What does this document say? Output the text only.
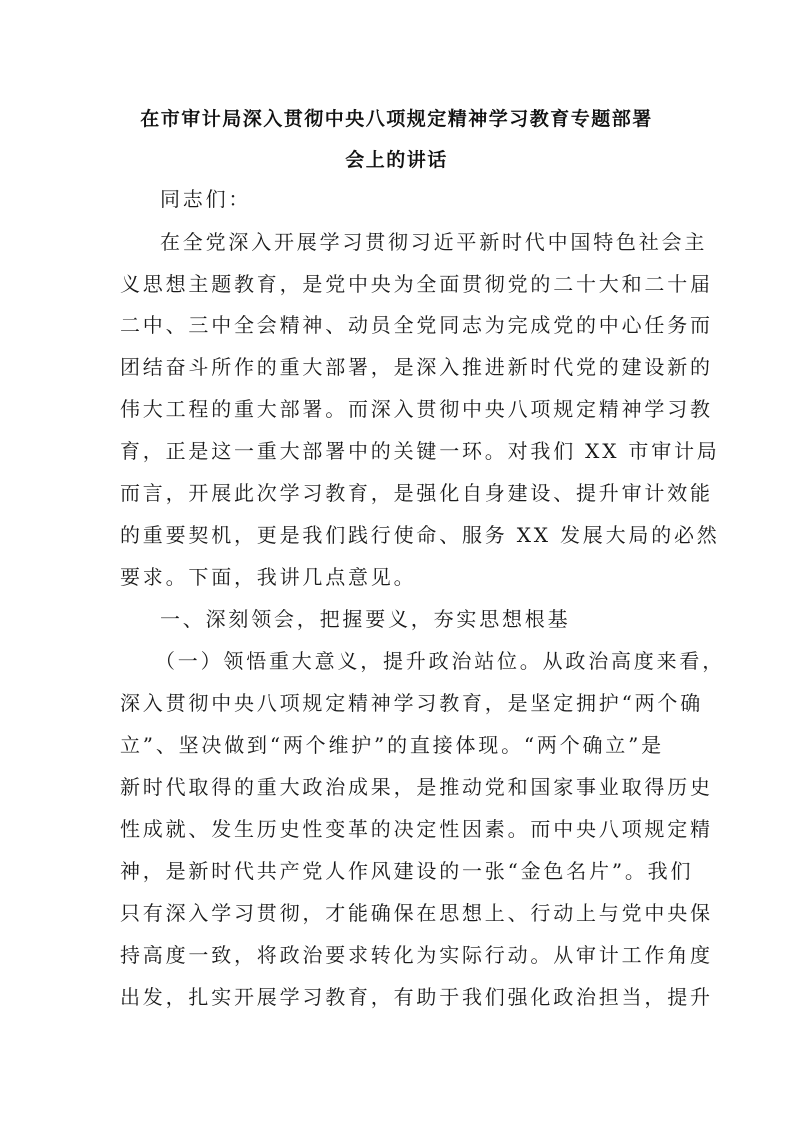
在市审计局深入贯彻中央八项规定精神学习教育专题部署
会上的讲话
同志们：
在全党深入开展学习贯彻习近平新时代中国特色社会主
义思想主题教育，是党中央为全面贯彻党的二十大和二十届
二中、三中全会精神、动员全党同志为完成党的中心任务而
团结奋斗所作的重大部署，是深入推进新时代党的建设新的
伟大工程的重大部署。而深入贯彻中央八项规定精神学习教
育，正是这一重大部署中的关键一环。对我们 XX 市审计局
而言，开展此次学习教育，是强化自身建设、提升审计效能
的重要契机，更是我们践行使命、服务 XX 发展大局的必然
要求。下面，我讲几点意见。
一、深刻领会，把握要义，夯实思想根基
（一）领悟重大意义，提升政治站位。从政治高度来看，
深入贯彻中央八项规定精神学习教育，是坚定拥护“两个确
立”、坚决做到“两个维护”的直接体现。“两个确立”是
新时代取得的重大政治成果，是推动党和国家事业取得历史
性成就、发生历史性变革的决定性因素。而中央八项规定精
神，是新时代共产党人作风建设的一张“金色名片”。我们
只有深入学习贯彻，才能确保在思想上、行动上与党中央保
持高度一致，将政治要求转化为实际行动。从审计工作角度
出发，扎实开展学习教育，有助于我们强化政治担当，提升
